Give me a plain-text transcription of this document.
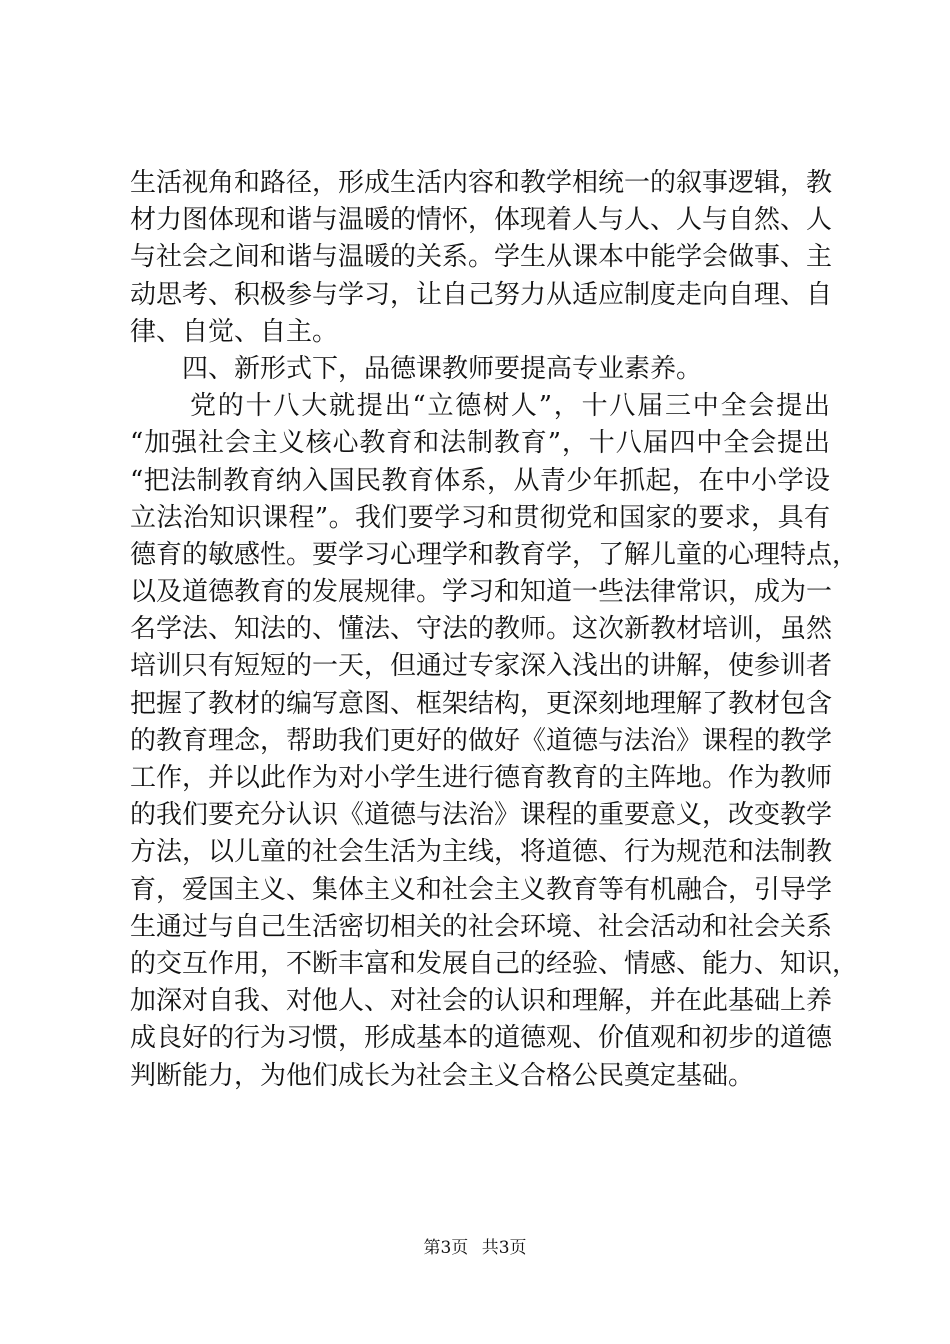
生活视角和路径，形成生活内容和教学相统一的叙事逻辑，教
材力图体现和谐与温暖的情怀，体现着人与人、人与自然、人
与社会之间和谐与温暖的关系。学生从课本中能学会做事、主
动思考、积极参与学习，让自己努力从适应制度走向自理、自
律、自觉、自主。
四、新形式下，品德课教师要提高专业素养。
党的十八大就提出“立德树人”，十八届三中全会提出
“加强社会主义核心教育和法制教育”，十八届四中全会提出
“把法制教育纳入国民教育体系，从青少年抓起，在中小学设
立法治知识课程”。我们要学习和贯彻党和国家的要求，具有
德育的敏感性。要学习心理学和教育学，了解儿童的心理特点，
以及道德教育的发展规律。学习和知道一些法律常识，成为一
名学法、知法的、懂法、守法的教师。这次新教材培训，虽然
培训只有短短的一天，但通过专家深入浅出的讲解，使参训者
把握了教材的编写意图、框架结构，更深刻地理解了教材包含
的教育理念，帮助我们更好的做好《道德与法治》课程的教学
工作，并以此作为对小学生进行德育教育的主阵地。作为教师
的我们要充分认识《道德与法治》课程的重要意义，改变教学
方法，以儿童的社会生活为主线，将道德、行为规范和法制教
育，爱国主义、集体主义和社会主义教育等有机融合，引导学
生通过与自己生活密切相关的社会环境、社会活动和社会关系
的交互作用，不断丰富和发展自己的经验、情感、能力、知识，
加深对自我、对他人、对社会的认识和理解，并在此基础上养
成良好的行为习惯，形成基本的道德观、价值观和初步的道德
判断能力，为他们成长为社会主义合格公民奠定基础。
第3页 共3页
